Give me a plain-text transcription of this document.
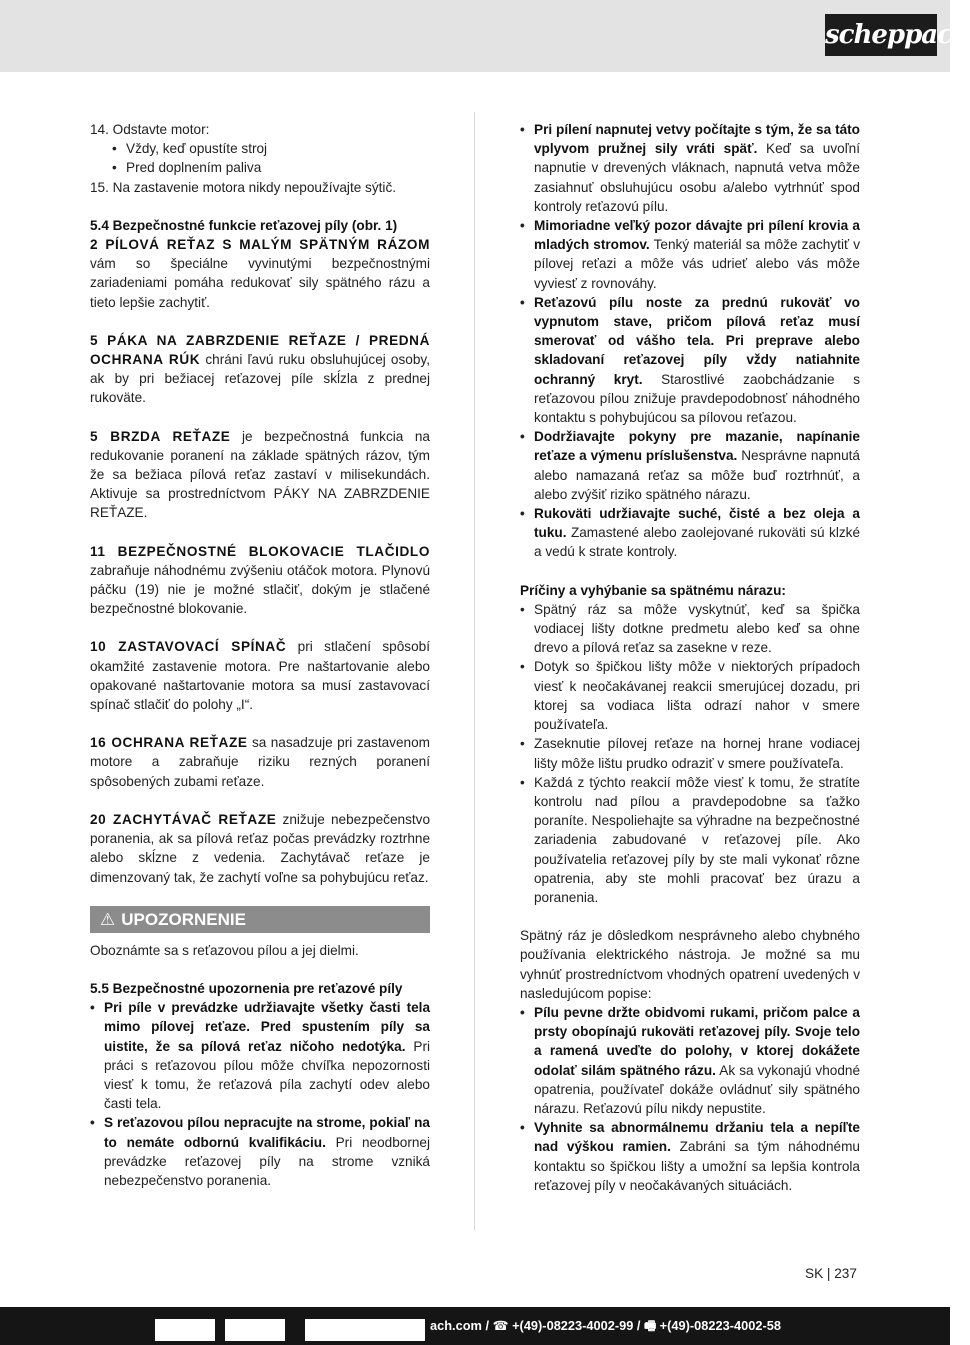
scheppach

14. Odstavte motor:

• Vždy, keď opustíte stroj

• Pred doplnením paliva

15. Na zastavenie motora nikdy nepoužívajte sýtič.

5.4 Bezpečnostné funkcie reťazovej píly (obr. 1)

2 PÍLOVÁ REŤAZ S MALÝM SPÄTNÝM RÁZOM vám so špeciálne vyvinutými bezpečnostnými zariadeniami pomáha redukovať sily spätného rázu a tieto lepšie zachytiť.

5 PÁKA NA ZABRZDENIE REŤAZE / PREDNÁ OCHRANA RÚK chráni ľavú ruku obsluhujúcej osoby, ak by pri bežiacej reťazovej píle skĺzla z prednej rukoväte.

5 BRZDA REŤAZE je bezpečnostná funkcia na redukovanie poranení na základe spätných rázov, tým že sa bežiaca pílová reťaz zastaví v milisekundách. Aktivuje sa prostredníctvom PÁKY NA ZABRZDENIE REŤAZE.

11 BEZPEČNOSTNÉ BLOKOVACIE TLAČIDLO zabraňuje náhodnému zvýšeniu otáčok motora. Plynovú páčku (19) nie je možné stlačiť, dokým je stlačené bezpečnostné blokovanie.

10 ZASTAVOVACÍ SPÍNAČ pri stlačení spôsobí okamžité zastavenie motora. Pre naštartovanie alebo opakované naštartovanie motora sa musí zastavovací spínač stlačiť do polohy „I“.

16 OCHRANA REŤAZE sa nasadzuje pri zastavenom motore a zabraňuje riziku rezných poranení spôsobených zubami reťaze.

20 ZACHYTÁVAČ REŤAZE znižuje nebezpečenstvo poranenia, ak sa pílová reťaz počas prevádzky roztrhne alebo skĺzne z vedenia. Zachytávač reťaze je dimenzovaný tak, že zachytí voľne sa pohybujúcu reťaz.

⚠ UPOZORNENIE

Oboznámte sa s reťazovou pílou a jej dielmi.

5.5 Bezpečnostné upozornenia pre reťazové píly

• Pri píle v prevádzke udržiavajte všetky časti tela mimo pílovej reťaze. Pred spustením píly sa uistite, že sa pílová reťaz ničoho nedotýka. Pri práci s reťazovou pílou môže chvíľka nepozornosti viesť k tomu, že reťazová píla zachytí odev alebo časti tela.

• S reťazovou pílou nepracujte na strome, pokiaľ na to nemáte odbornú kvalifikáciu. Pri neodbornej prevádzke reťazovej píly na strome vzniká nebezpečenstvo poranenia.

• Pri pílení napnutej vetvy počítajte s tým, že sa táto vplyvom pružnej sily vráti späť. Keď sa uvoľní napnutie v drevených vláknach, napnutá vetva môže zasiahnuť obsluhujúcu osobu a/alebo vytrhnúť spod kontroly reťazovú pílu.

• Mimoriadne veľký pozor dávajte pri pílení krovia a mladých stromov. Tenký materiál sa môže zachytiť v pílovej reťazi a môže vás udrieť alebo vás môže vyviesť z rovnováhy.

• Reťazovú pílu noste za prednú rukoväť vo vypnutom stave, pričom pílová reťaz musí smerovať od vášho tela. Pri preprave alebo skladovaní reťazovej píly vždy natiahnite ochranný kryt. Starostlivé zaobchádzanie s reťazovou pílou znižuje pravdepodobnosť náhodného kontaktu s pohybujúcou sa pílovou reťazou.

• Dodržiavajte pokyny pre mazanie, napínanie reťaze a výmenu príslušenstva. Nesprávne napnutá alebo namazaná reťaz sa môže buď roztrhnúť, a alebo zvýšiť riziko spätného nárazu.

• Rukoväti udržiavajte suché, čisté a bez oleja a tuku. Zamastené alebo zaolejované rukoväti sú klzké a vedú k strate kontroly.

Príčiny a vyhýbanie sa spätnému nárazu:

• Spätný ráz sa môže vyskytnúť, keď sa špička vodiacej lišty dotkne predmetu alebo keď sa ohne drevo a pílová reťaz sa zasekne v reze.

• Dotyk so špičkou lišty môže v niektorých prípadoch viesť k neočakávanej reakcii smerujúcej dozadu, pri ktorej sa vodiaca lišta odrazí nahor v smere používateľa.

• Zaseknutie pílovej reťaze na hornej hrane vodiacej lišty môže lištu prudko odraziť v smere používateľa.

• Každá z týchto reakcií môže viesť k tomu, že stratíte kontrolu nad pílou a pravdepodobne sa ťažko poraníte. Nespoliehajte sa výhradne na bezpečnostné zariadenia zabudované v reťazovej píle. Ako používatelia reťazovej píly by ste mali vykonať rôzne opatrenia, aby ste mohli pracovať bez úrazu a poranenia.

Spätný ráz je dôsledkom nesprávneho alebo chybného používania elektrického nástroja. Je možné sa mu vyhnúť prostredníctvom vhodných opatrení uvedených v nasledujúcom popise:

• Pílu pevne držte obidvomi rukami, pričom palce a prsty obopínajú rukoväti reťazovej píly. Svoje telo a ramená uveďte do polohy, v ktorej dokážete odolať silám spätného rázu. Ak sa vykonajú vhodné opatrenia, používateľ dokáže ovládnuť sily spätného nárazu. Reťazovú pílu nikdy nepustite.

• Vyhnite sa abnormálnemu držaniu tela a nepíľte nad výškou ramien. Zabráni sa tým náhodnému kontaktu so špičkou lišty a umožní sa lepšia kontrola reťazovej píly v neočakávaných situáciách.

SK | 237
ach.com / ☎ +(49)-08223-4002-99 / 🖷 +(49)-08223-4002-58
